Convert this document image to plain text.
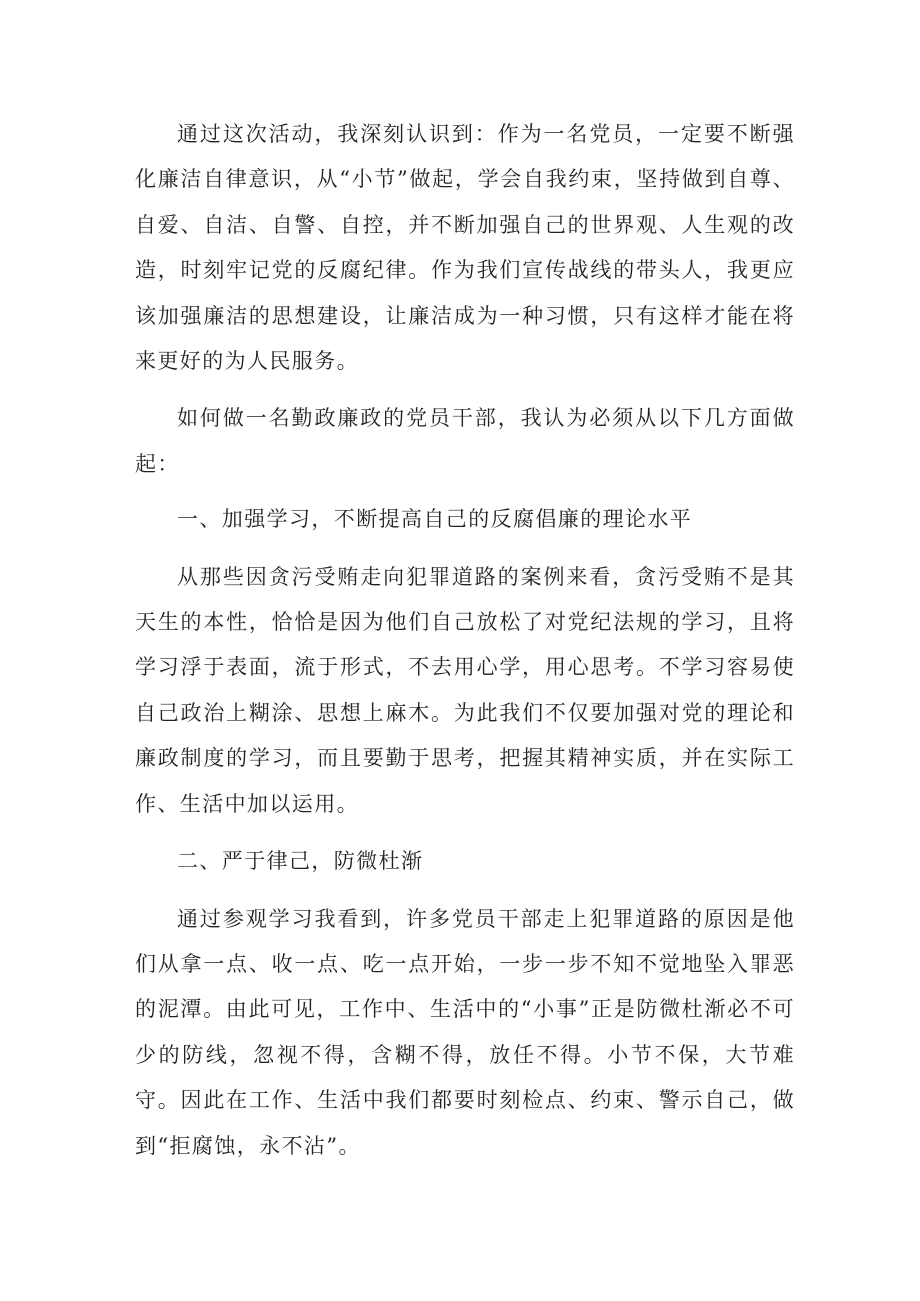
通过这次活动，我深刻认识到：作为一名党员，一定要不断强化廉洁自律意识，从“小节”做起，学会自我约束，坚持做到自尊、自爱、自洁、自警、自控，并不断加强自己的世界观、人生观的改造，时刻牢记党的反腐纪律。作为我们宣传战线的带头人，我更应该加强廉洁的思想建设，让廉洁成为一种习惯，只有这样才能在将来更好的为人民服务。

如何做一名勤政廉政的党员干部，我认为必须从以下几方面做起：

一、加强学习，不断提高自己的反腐倡廉的理论水平

从那些因贪污受贿走向犯罪道路的案例来看，贪污受贿不是其天生的本性，恰恰是因为他们自己放松了对党纪法规的学习，且将学习浮于表面，流于形式，不去用心学，用心思考。不学习容易使自己政治上糊涂、思想上麻木。为此我们不仅要加强对党的理论和廉政制度的学习，而且要勤于思考，把握其精神实质，并在实际工作、生活中加以运用。

二、严于律己，防微杜渐

通过参观学习我看到，许多党员干部走上犯罪道路的原因是他们从拿一点、收一点、吃一点开始，一步一步不知不觉地坠入罪恶的泥潭。由此可见，工作中、生活中的“小事”正是防微杜渐必不可少的防线，忽视不得，含糊不得，放任不得。小节不保，大节难守。因此在工作、生活中我们都要时刻检点、约束、警示自己，做到“拒腐蚀，永不沾”。
